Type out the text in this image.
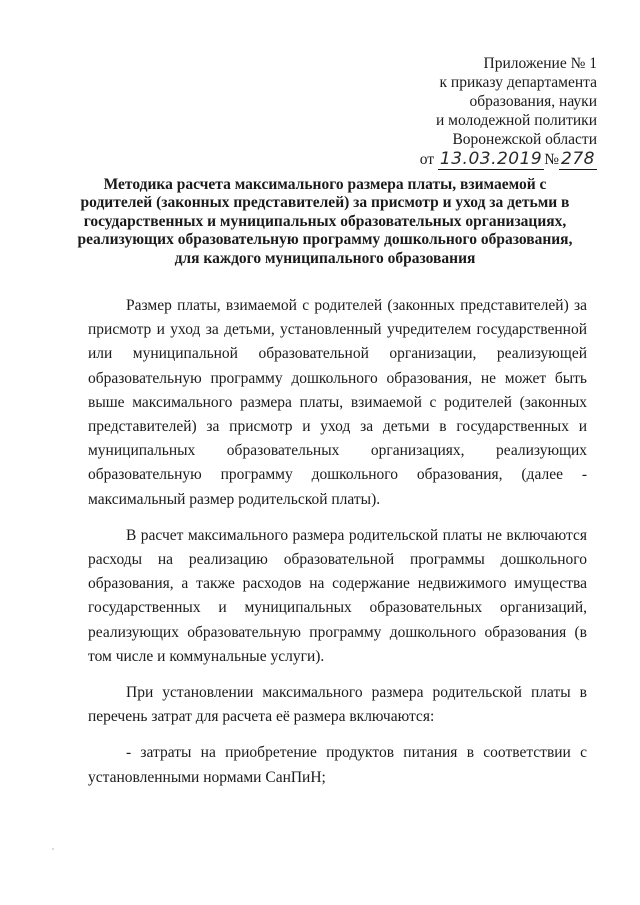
Приложение № 1
к приказу департамента
образования, науки
и молодежной политики
Воронежской области
от 13.03.2019 № 278
Методика расчета максимального размера платы, взимаемой с родителей (законных представителей) за присмотр и уход за детьми в государственных и муниципальных образовательных организациях, реализующих образовательную программу дошкольного образования, для каждого муниципального образования

Размер платы, взимаемой с родителей (законных представителей) за присмотр и уход за детьми, установленный учредителем государственной или муниципальной образовательной организации, реализующей образовательную программу дошкольного образования, не может быть выше максимального размера платы, взимаемой с родителей (законных представителей) за присмотр и уход за детьми в государственных и муниципальных образовательных организациях, реализующих образовательную программу дошкольного образования, (далее - максимальный размер родительской платы).

В расчет максимального размера родительской платы не включаются расходы на реализацию образовательной программы дошкольного образования, а также расходов на содержание недвижимого имущества государственных и муниципальных образовательных организаций, реализующих образовательную программу дошкольного образования (в том числе и коммунальные услуги).

При установлении максимального размера родительской платы в перечень затрат для расчета её размера включаются:

- затраты на приобретение продуктов питания в соответствии с установленными нормами СанПиН;
